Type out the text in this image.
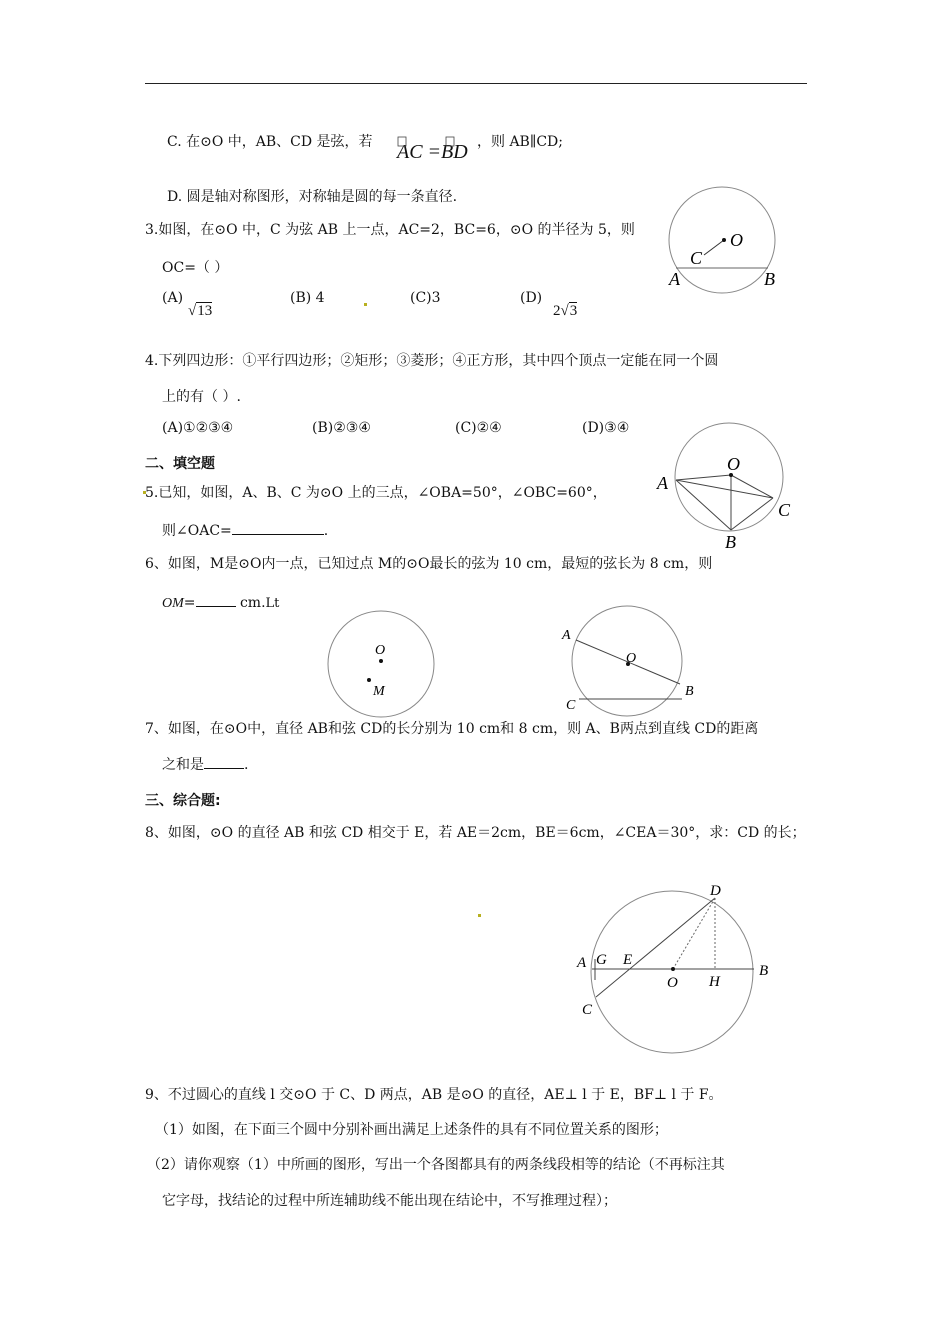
C. 在⊙O 中，AB、CD 是弦，若 AC =BD ，则 AB∥CD;
D. 圆是轴对称图形，对称轴是圆的每一条直径.
3.如图，在⊙O 中，C 为弦 AB 上一点，AC=2，BC=6，⊙O 的半径为 5，则
OC=（ ）
(A)
√13
(B) 4	(C)3	(D)
2√3
O
C
A	B
4.下列四边形：①平行四边形；②矩形；③菱形；④正方形，其中四个顶点一定能在同一个圆
上的有（ ）.
(A)①②③④	(B)②③④	(C)②④	(D)③④
二、填空题
5.已知，如图，A、B、C 为⊙O 上的三点，∠OBA=50°，∠OBC=60°，
则∠OAC=	.
O
A
C
B
6、如图，M是⊙O内一点，已知过点 M的⊙O最长的弦为 10 cm，最短的弦长为 8 cm，则
OM=	cm.Lt
O
M
A
O
B
C
7、如图，在⊙O中，直径 AB和弦 CD的长分别为 10 cm和 8 cm，则 A、B两点到直线 CD的距离
之和是	.
三、综合题:
8、如图，⊙O 的直径 AB 和弦 CD 相交于 E，若 AE＝2cm，BE＝6cm，∠CEA＝30°，求：CD 的长；
D
A G E
O H
B
C
9、不过圆心的直线 l 交⊙O 于 C、D 两点，AB 是⊙O 的直径，AE⊥ l 于 E，BF⊥ l 于 F。
（1）如图，在下面三个圆中分别补画出满足上述条件的具有不同位置关系的图形；
（2）请你观察（1）中所画的图形，写出一个各图都具有的两条线段相等的结论（不再标注其
它字母，找结论的过程中所连辅助线不能出现在结论中，不写推理过程）；
